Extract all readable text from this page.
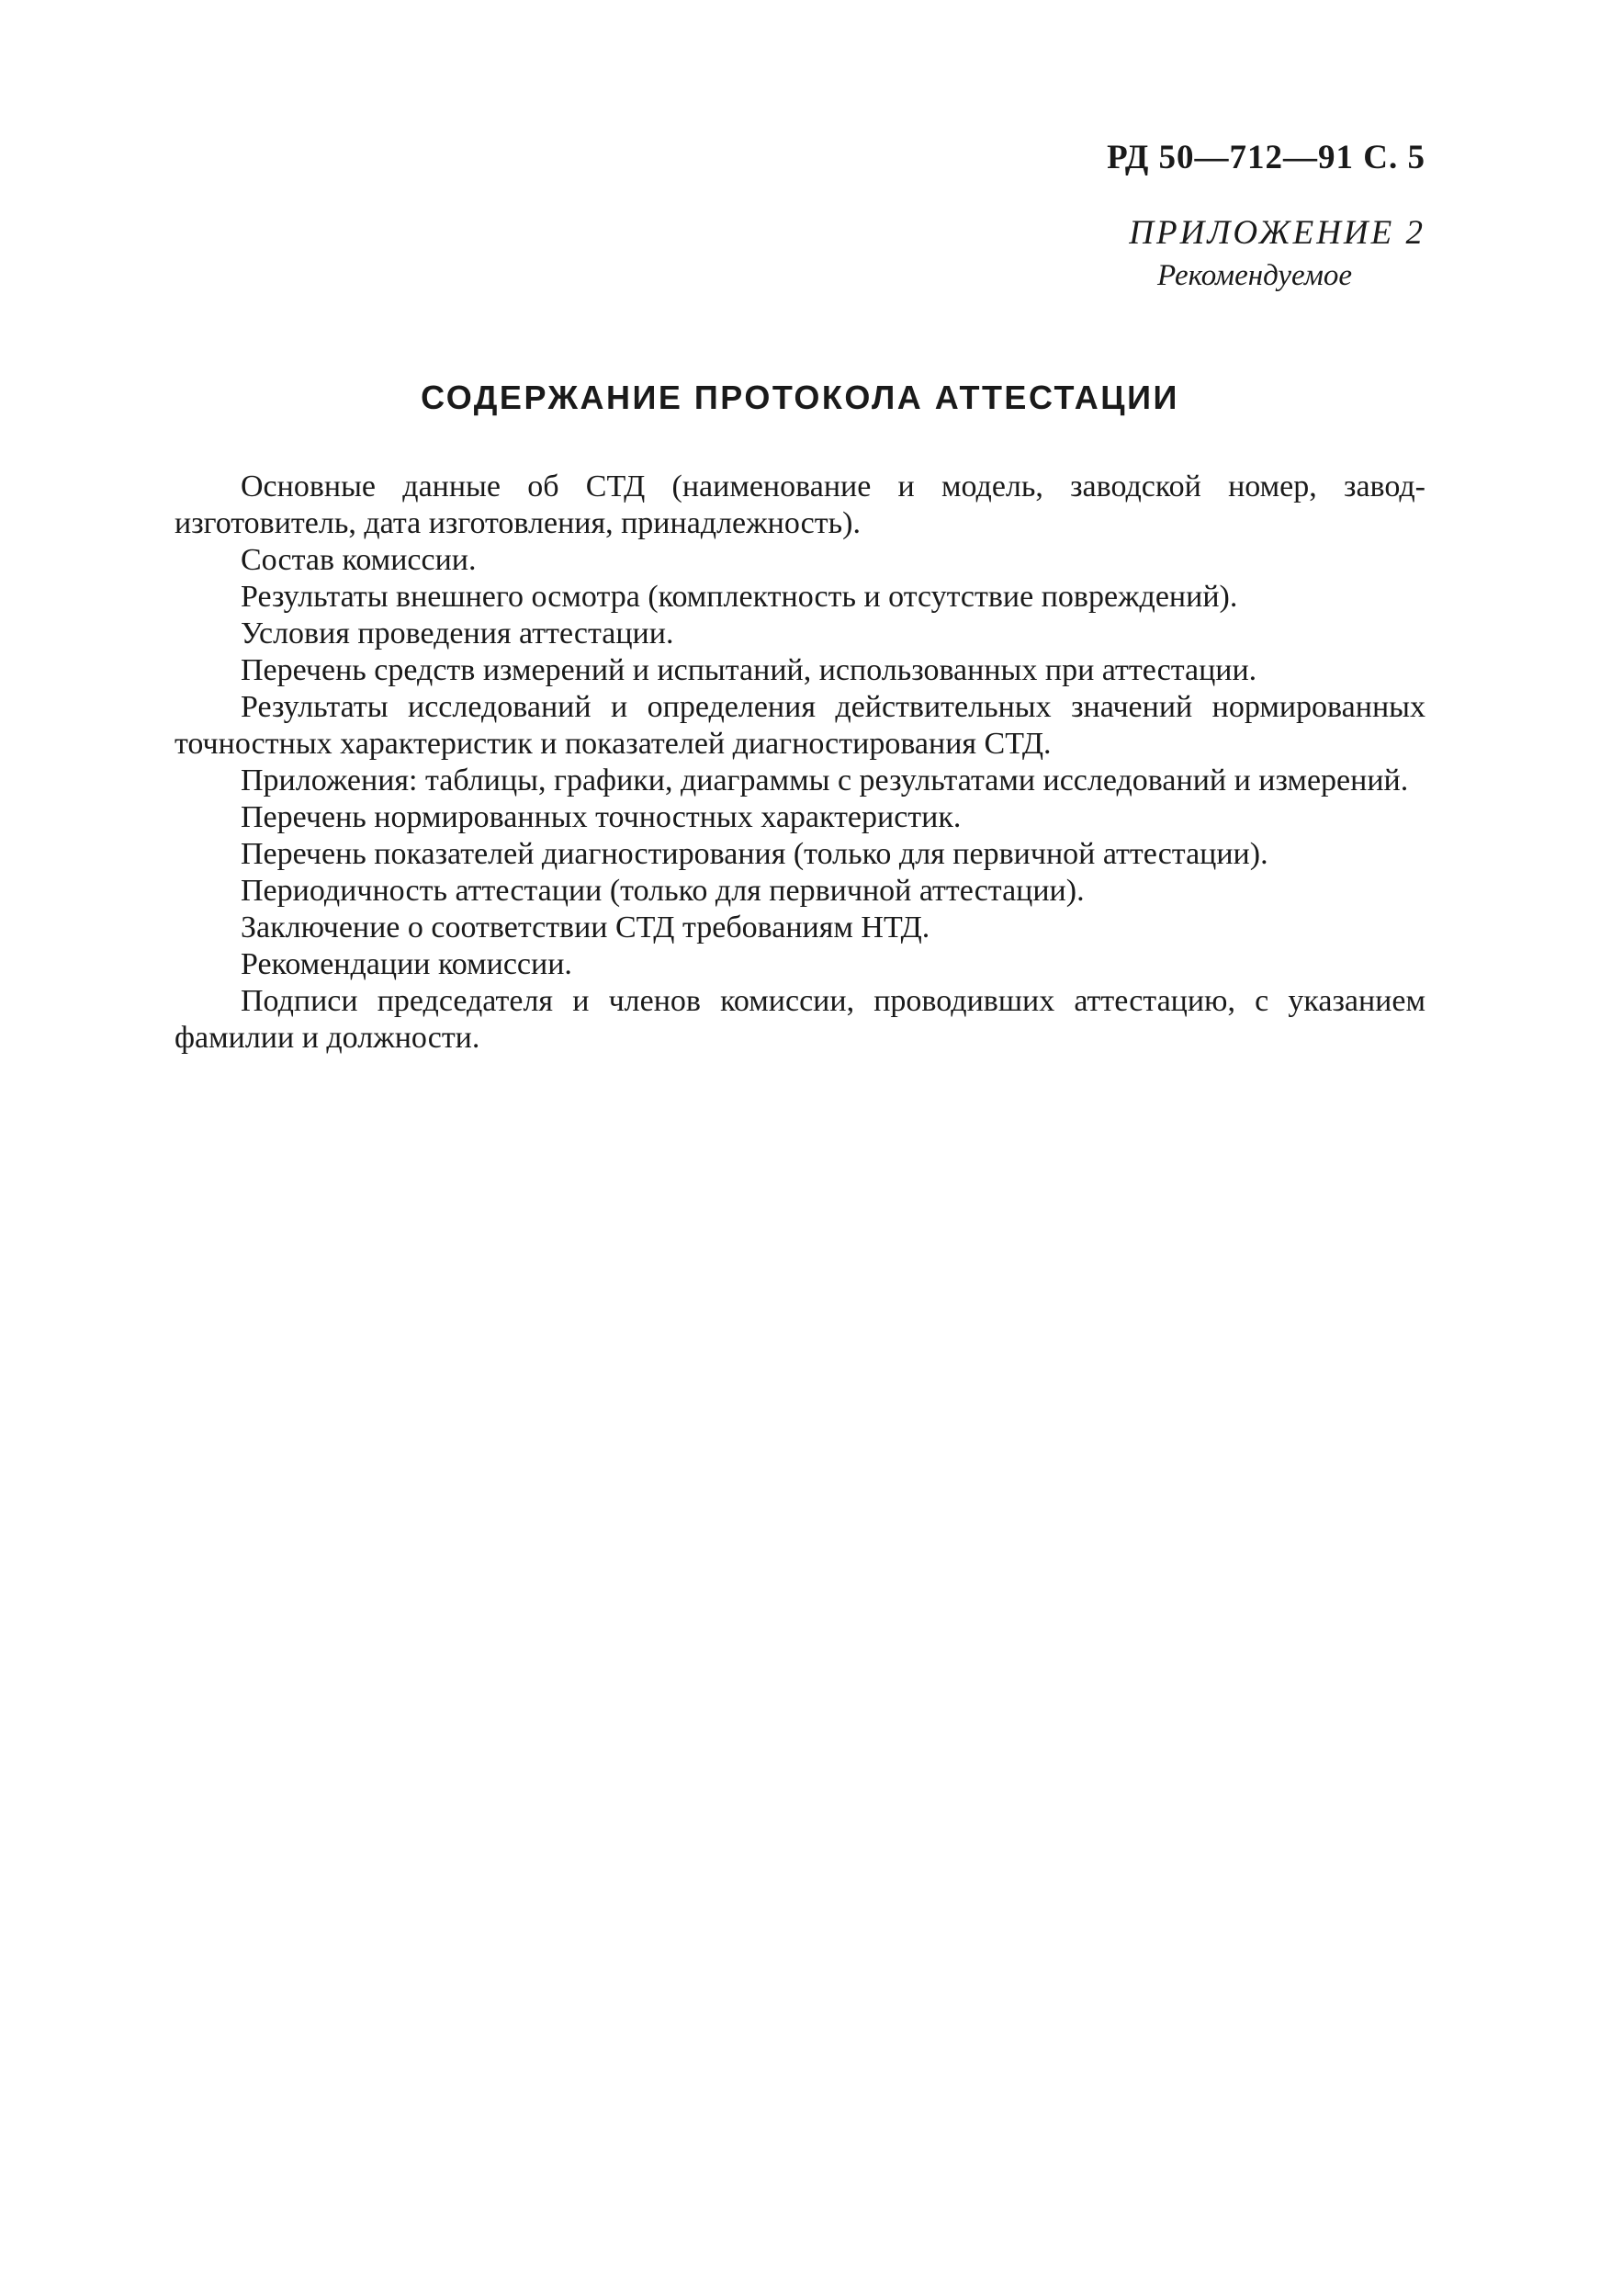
РД 50—712—91 С. 5
ПРИЛОЖЕНИЕ 2
Рекомендуемое
СОДЕРЖАНИЕ ПРОТОКОЛА АТТЕСТАЦИИ

Основные данные об СТД (наименование и модель, заводской номер, завод-изготовитель, дата изготовления, принадлежность).

Состав комиссии.

Результаты внешнего осмотра (комплектность и отсутствие повреждений).

Условия проведения аттестации.

Перечень средств измерений и испытаний, использованных при аттестации.

Результаты исследований и определения действительных значений нормированных точностных характеристик и показателей диагностирования СТД.

Приложения: таблицы, графики, диаграммы с результатами исследований и измерений.

Перечень нормированных точностных характеристик.

Перечень показателей диагностирования (только для первичной аттестации).

Периодичность аттестации (только для первичной аттестации).

Заключение о соответствии СТД требованиям НТД.

Рекомендации комиссии.

Подписи председателя и членов комиссии, проводивших аттестацию, с указанием фамилии и должности.
